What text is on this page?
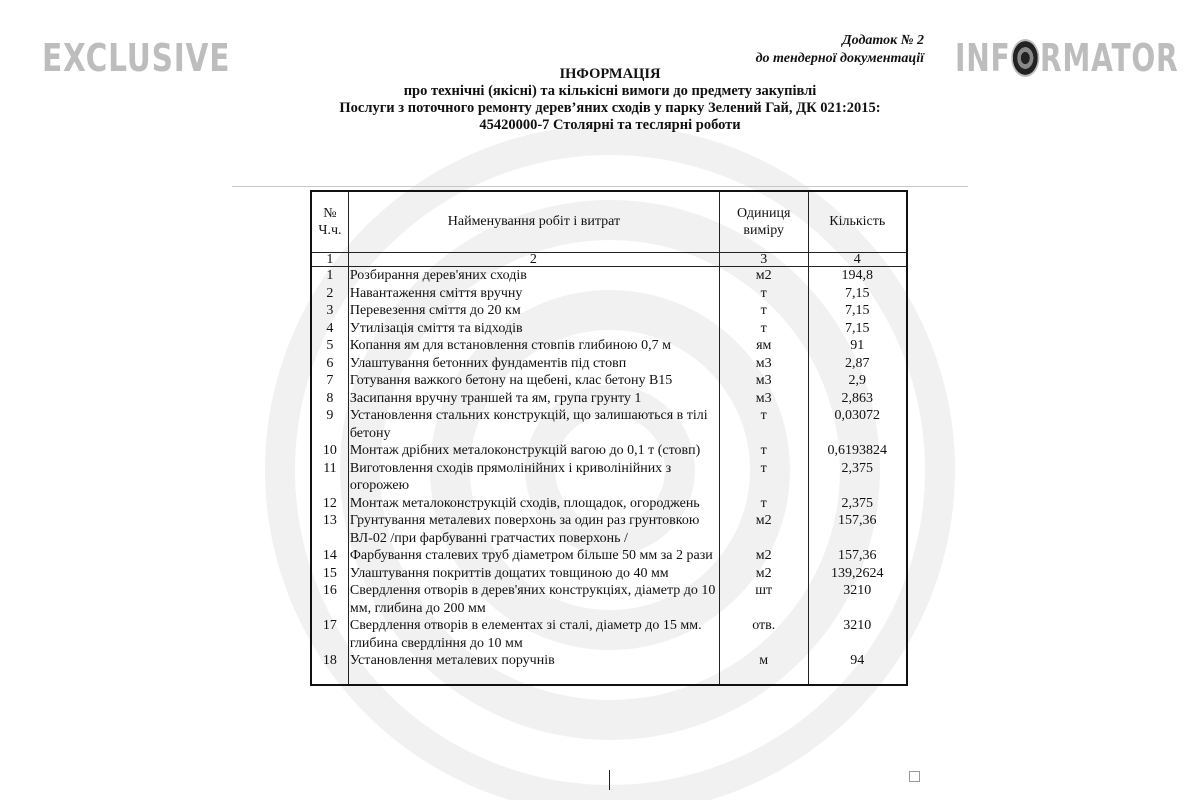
EXCLUSIVE	INF RMATOR
Додаток № 2
до тендерної документації
ІНФОРМАЦІЯ
про технічні (якісні) та кількісні вимоги до предмету закупівлі
Послуги з поточного ремонту дерев’яних сходів у парку Зелений Гай, ДК 021:2015:
45420000-7 Столярні та теслярні роботи
№ Ч.ч.	Найменування робіт і витрат	Одиниця виміру	Кількість
1	2	3	4
1	Розбирання дерев'яних сходів	м2	194,8
2	Навантаження сміття вручну	т	7,15
3	Перевезення сміття до 20 км	т	7,15
4	Утилізація сміття та відходів	т	7,15
5	Копання ям для встановлення стовпів глибиною 0,7 м	ям	91
6	Улаштування бетонних фундаментів під стовп	м3	2,87
7	Готування важкого бетону на щебені, клас бетону В15	м3	2,9
8	Засипання вручну траншей та ям, група грунту 1	м3	2,863
9	Установлення стальних конструкцій, що залишаються в тілі бетону	т	0,03072
10	Монтаж дрібних металоконструкцій вагою до 0,1 т (стовп)	т	0,6193824
11	Виготовлення сходів прямолінійних і криволінійних з огорожею	т	2,375
12	Монтаж металоконструкцій сходів, площадок, огороджень	т	2,375
13	Грунтування металевих поверхонь за один раз грунтовкою ВЛ-02 /при фарбуванні гратчастих поверхонь /	м2	157,36
14	Фарбування сталевих труб діаметром більше 50 мм за 2 рази	м2	157,36
15	Улаштування покриттів дощатих товщиною до 40 мм	м2	139,2624
16	Свердлення отворів в дерев'яних конструкціях, діаметр до 10 мм, глибина до 200 мм	шт	3210
17	Свердлення отворів в елементах зі сталі, діаметр до 15 мм. глибина свердління до 10 мм	отв.	3210
18	Установлення металевих поручнів	м	94
